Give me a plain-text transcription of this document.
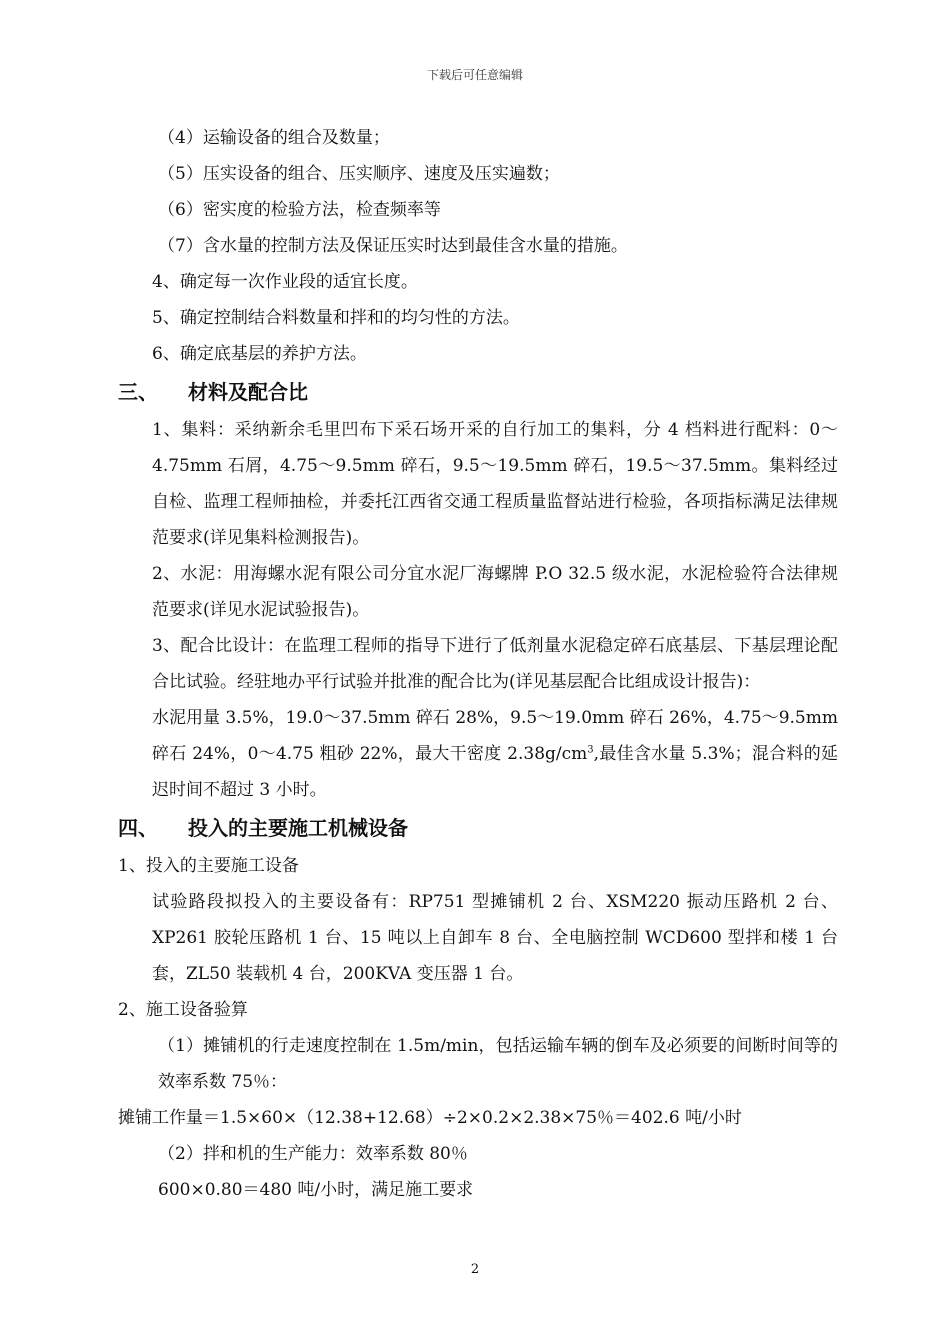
下载后可任意编辑

（4）运输设备的组合及数量；

（5）压实设备的组合、压实顺序、速度及压实遍数；

（6）密实度的检验方法，检查频率等

（7）含水量的控制方法及保证压实时达到最佳含水量的措施。

4、确定每一次作业段的适宜长度。

5、确定控制结合料数量和拌和的均匀性的方法。

6、确定底基层的养护方法。

三、 材料及配合比

1、集料：采纳新余毛里凹布下采石场开采的自行加工的集料，分 4 档料进行配料：0～4.75mm 石屑，4.75～9.5mm 碎石，9.5～19.5mm 碎石，19.5～37.5mm。集料经过自检、监理工程师抽检，并委托江西省交通工程质量监督站进行检验，各项指标满足法律规范要求(详见集料检测报告)。

2、水泥：用海螺水泥有限公司分宜水泥厂海螺牌 P.O 32.5 级水泥，水泥检验符合法律规范要求(详见水泥试验报告)。

3、配合比设计：在监理工程师的指导下进行了低剂量水泥稳定碎石底基层、下基层理论配合比试验。经驻地办平行试验并批准的配合比为(详见基层配合比组成设计报告)：

水泥用量 3.5%，19.0～37.5mm 碎石 28%，9.5～19.0mm 碎石 26%，4.75～9.5mm 碎石 24%，0～4.75 粗砂 22%，最大干密度 $2.38g/cm^3$,最佳含水量 5.3%；混合料的延迟时间不超过 3 小时。

四、 投入的主要施工机械设备

1、投入的主要施工设备

试验路段拟投入的主要设备有：RP751 型摊铺机 2 台、XSM220 振动压路机 2 台、XP261 胶轮压路机 1 台、15 吨以上自卸车 8 台、全电脑控制 WCD600 型拌和楼 1 台套，ZL50 装载机 4 台，200KVA 变压器 1 台。

2、施工设备验算

（1）摊铺机的行走速度控制在 1.5m/min，包括运输车辆的倒车及必须要的间断时间等的效率系数 75％：

摊铺工作量＝1.5×60×（12.38+12.68）÷2×0.2×2.38×75％＝402.6 吨/小时

（2）拌和机的生产能力：效率系数 80％

600×0.80＝480 吨/小时，满足施工要求

2
